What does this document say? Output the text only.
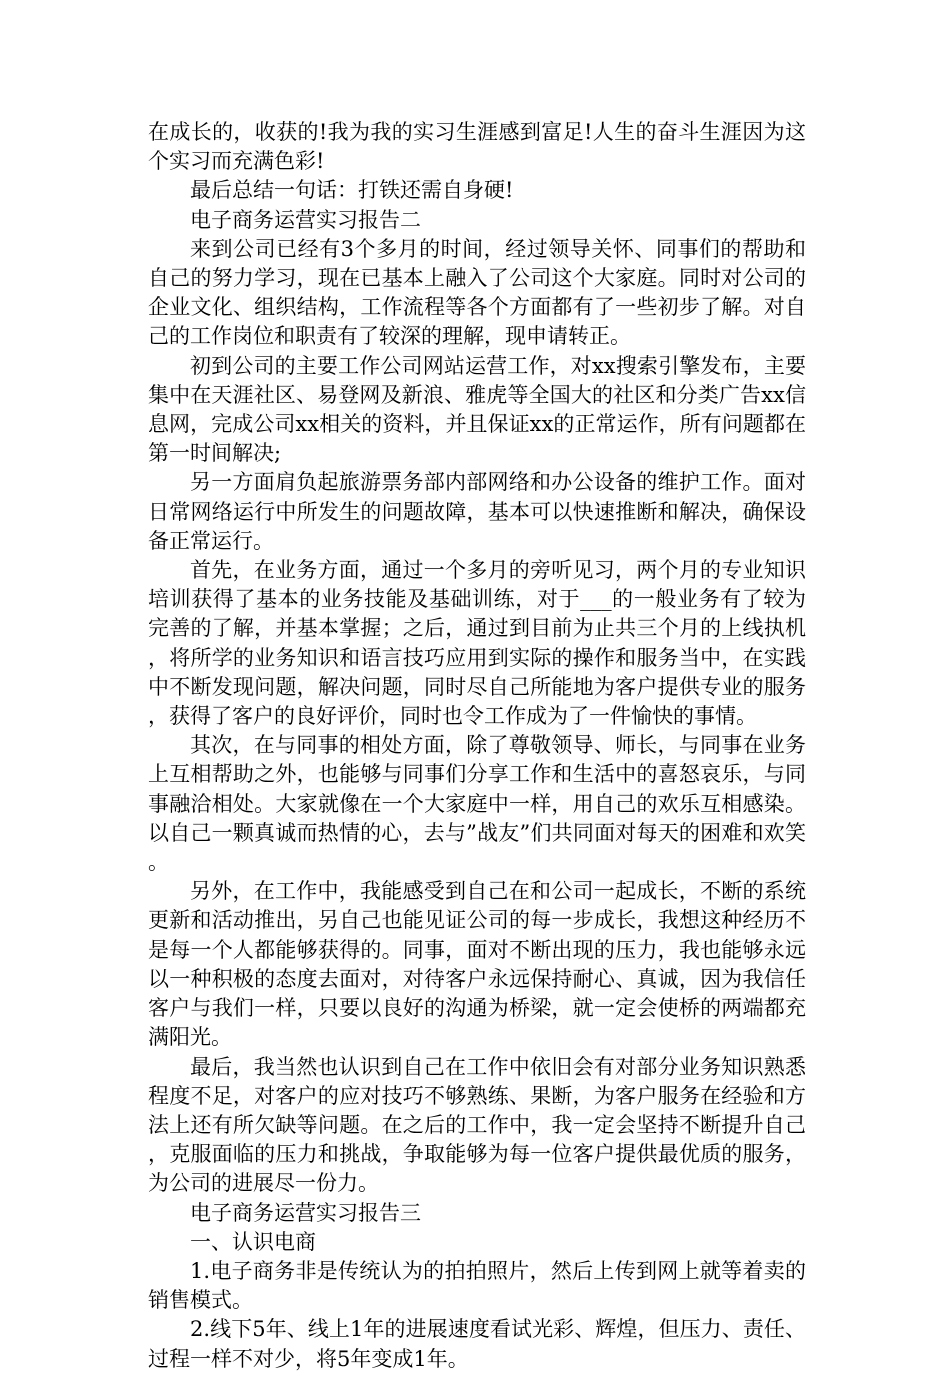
在成长的，收获的!我为我的实习生涯感到富足!人生的奋斗生涯因为这个实习而充满色彩!

最后总结一句话：打铁还需自身硬!

电子商务运营实习报告二

来到公司已经有3个多月的时间，经过领导关怀、同事们的帮助和自己的努力学习，现在已基本上融入了公司这个大家庭。同时对公司的企业文化、组织结构，工作流程等各个方面都有了一些初步了解。对自己的工作岗位和职责有了较深的理解，现申请转正。

初到公司的主要工作公司网站运营工作，对xx搜索引擎发布，主要集中在天涯社区、易登网及新浪、雅虎等全国大的社区和分类广告xx信息网，完成公司xx相关的资料，并且保证xx的正常运作，所有问题都在第一时间解决;

另一方面肩负起旅游票务部内部网络和办公设备的维护工作。面对日常网络运行中所发生的问题故障，基本可以快速推断和解决，确保设备正常运行。

首先，在业务方面，通过一个多月的旁听见习，两个月的专业知识培训获得了基本的业务技能及基础训练，对于___的一般业务有了较为完善的了解，并基本掌握；之后，通过到目前为止共三个月的上线执机，将所学的业务知识和语言技巧应用到实际的操作和服务当中，在实践中不断发现问题，解决问题，同时尽自己所能地为客户提供专业的服务，获得了客户的良好评价，同时也令工作成为了一件愉快的事情。

其次，在与同事的相处方面，除了尊敬领导、师长，与同事在业务上互相帮助之外，也能够与同事们分享工作和生活中的喜怒哀乐，与同事融洽相处。大家就像在一个大家庭中一样，用自己的欢乐互相感染。以自己一颗真诚而热情的心，去与”战友”们共同面对每天的困难和欢笑。

另外，在工作中，我能感受到自己在和公司一起成长，不断的系统更新和活动推出，另自己也能见证公司的每一步成长，我想这种经历不是每一个人都能够获得的。同事，面对不断出现的压力，我也能够永远以一种积极的态度去面对，对待客户永远保持耐心、真诚，因为我信任客户与我们一样，只要以良好的沟通为桥梁，就一定会使桥的两端都充满阳光。

最后，我当然也认识到自己在工作中依旧会有对部分业务知识熟悉程度不足，对客户的应对技巧不够熟练、果断，为客户服务在经验和方法上还有所欠缺等问题。在之后的工作中，我一定会坚持不断提升自己，克服面临的压力和挑战，争取能够为每一位客户提供最优质的服务，为公司的进展尽一份力。

电子商务运营实习报告三

一、认识电商

1.电子商务非是传统认为的拍拍照片，然后上传到网上就等着卖的销售模式。

2.线下5年、线上1年的进展速度看试光彩、辉煌，但压力、责任、过程一样不对少，将5年变成1年。
